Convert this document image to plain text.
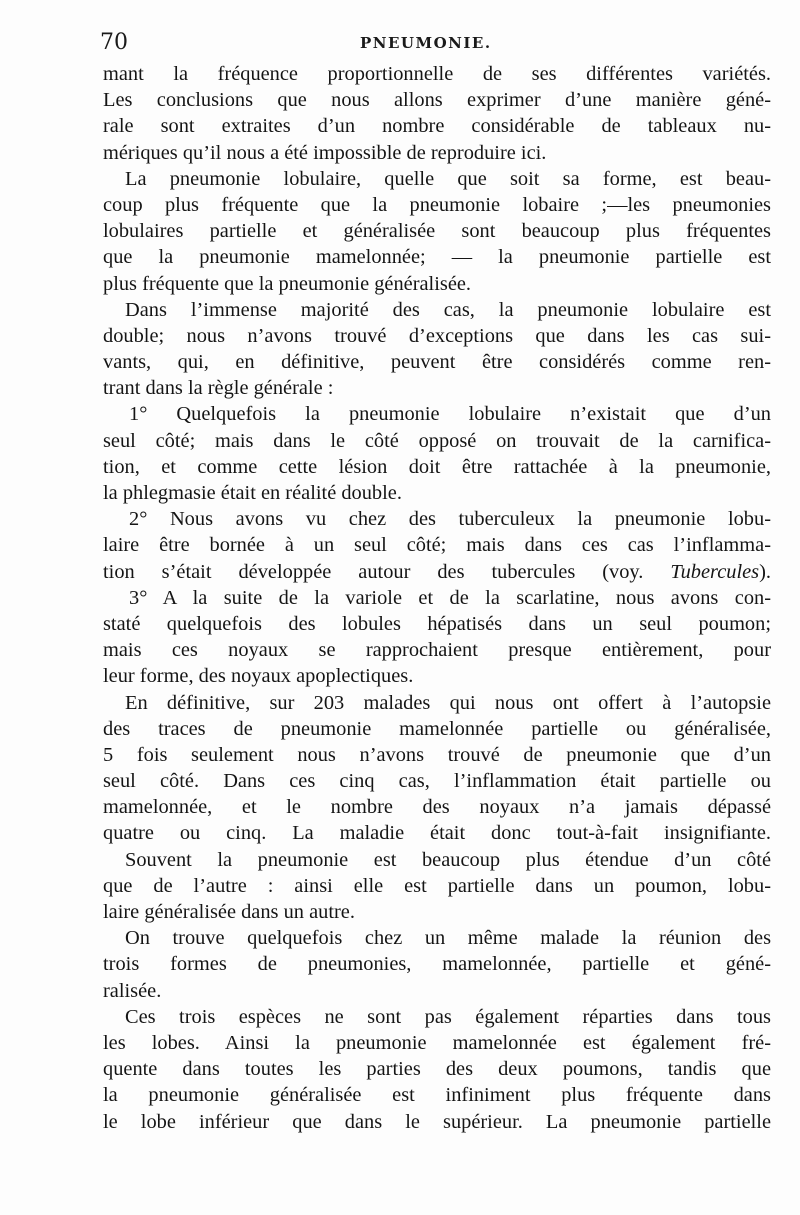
70	PNEUMONIE.
mant la fréquence proportionnelle de ses différentes variétés.
Les conclusions que nous allons exprimer d’une manière géné-
rale sont extraites d’un nombre considérable de tableaux nu-
mériques qu’il nous a été impossible de reproduire ici.
La pneumonie lobulaire, quelle que soit sa forme, est beau-
coup plus fréquente que la pneumonie lobaire ;—les pneumonies
lobulaires partielle et généralisée sont beaucoup plus fréquentes
que la pneumonie mamelonnée; — la pneumonie partielle est
plus fréquente que la pneumonie généralisée.
Dans l’immense majorité des cas, la pneumonie lobulaire est
double; nous n’avons trouvé d’exceptions que dans les cas sui-
vants, qui, en définitive, peuvent être considérés comme ren-
trant dans la règle générale :
1° Quelquefois la pneumonie lobulaire n’existait que d’un
seul côté; mais dans le côté opposé on trouvait de la carnifica-
tion, et comme cette lésion doit être rattachée à la pneumonie,
la phlegmasie était en réalité double.
2° Nous avons vu chez des tuberculeux la pneumonie lobu-
laire être bornée à un seul côté; mais dans ces cas l’inflamma-
tion s’était développée autour des tubercules (voy. Tubercules).
3° A la suite de la variole et de la scarlatine, nous avons con-
staté quelquefois des lobules hépatisés dans un seul poumon;
mais ces noyaux se rapprochaient presque entièrement, pour
leur forme, des noyaux apoplectiques.
En définitive, sur 203 malades qui nous ont offert à l’autopsie
des traces de pneumonie mamelonnée partielle ou généralisée,
5 fois seulement nous n’avons trouvé de pneumonie que d’un
seul côté. Dans ces cinq cas, l’inflammation était partielle ou
mamelonnée, et le nombre des noyaux n’a jamais dépassé
quatre ou cinq. La maladie était donc tout-à-fait insignifiante.
Souvent la pneumonie est beaucoup plus étendue d’un côté
que de l’autre : ainsi elle est partielle dans un poumon, lobu-
laire généralisée dans un autre.
On trouve quelquefois chez un même malade la réunion des
trois formes de pneumonies, mamelonnée, partielle et géné-
ralisée.
Ces trois espèces ne sont pas également réparties dans tous
les lobes. Ainsi la pneumonie mamelonnée est également fré-
quente dans toutes les parties des deux poumons, tandis que
la pneumonie généralisée est infiniment plus fréquente dans
le lobe inférieur que dans le supérieur. La pneumonie partielle
